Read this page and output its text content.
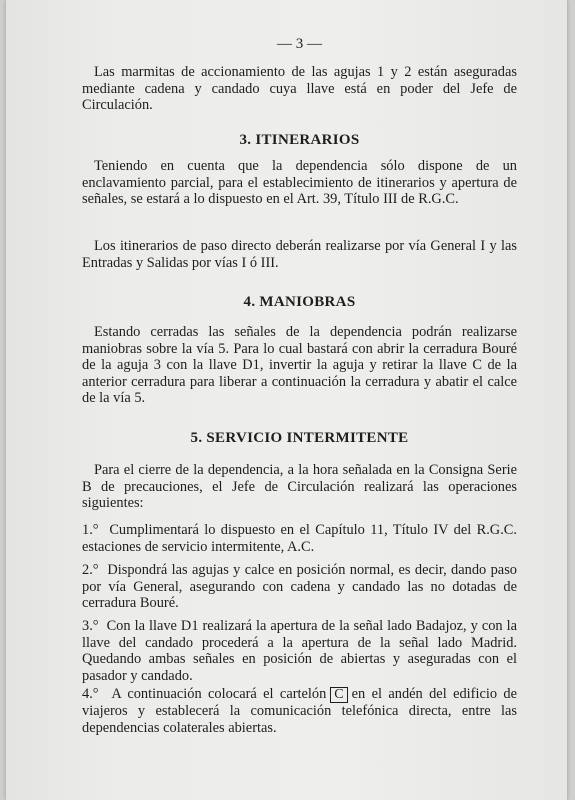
— 3 —

Las marmitas de accionamiento de las agujas 1 y 2 están aseguradas mediante cadena y candado cuya llave está en poder del Jefe de Circulación.

3. ITINERARIOS

Teniendo en cuenta que la dependencia sólo dispone de un enclavamiento parcial, para el establecimiento de itinerarios y apertura de señales, se estará a lo dispuesto en el Art. 39, Título III de R.G.C.

Los itinerarios de paso directo deberán realizarse por vía General I y las Entradas y Salidas por vías I ó III.

4. MANIOBRAS

Estando cerradas las señales de la dependencia podrán realizarse maniobras sobre la vía 5. Para lo cual bastará con abrir la cerradura Bouré de la aguja 3 con la llave D1, invertir la aguja y retirar la llave C de la anterior cerradura para liberar a continuación la cerradura y abatir el calce de la vía 5.

5. SERVICIO INTERMITENTE

Para el cierre de la dependencia, a la hora señalada en la Consigna Serie B de precauciones, el Jefe de Circulación realizará las operaciones siguientes:

1.° Cumplimentará lo dispuesto en el Capítulo 11, Título IV del R.G.C. estaciones de servicio intermitente, A.C.

2.° Dispondrá las agujas y calce en posición normal, es decir, dando paso por vía General, asegurando con cadena y candado las no dotadas de cerradura Bouré.

3.° Con la llave D1 realizará la apertura de la señal lado Badajoz, y con la llave del candado procederá a la apertura de la señal lado Madrid. Quedando ambas señales en posición de abiertas y aseguradas con el pasador y candado.

4.° A continuación colocará el cartelón C en el andén del edificio de viajeros y establecerá la comunicación telefónica directa, entre las dependencias colaterales abiertas.
